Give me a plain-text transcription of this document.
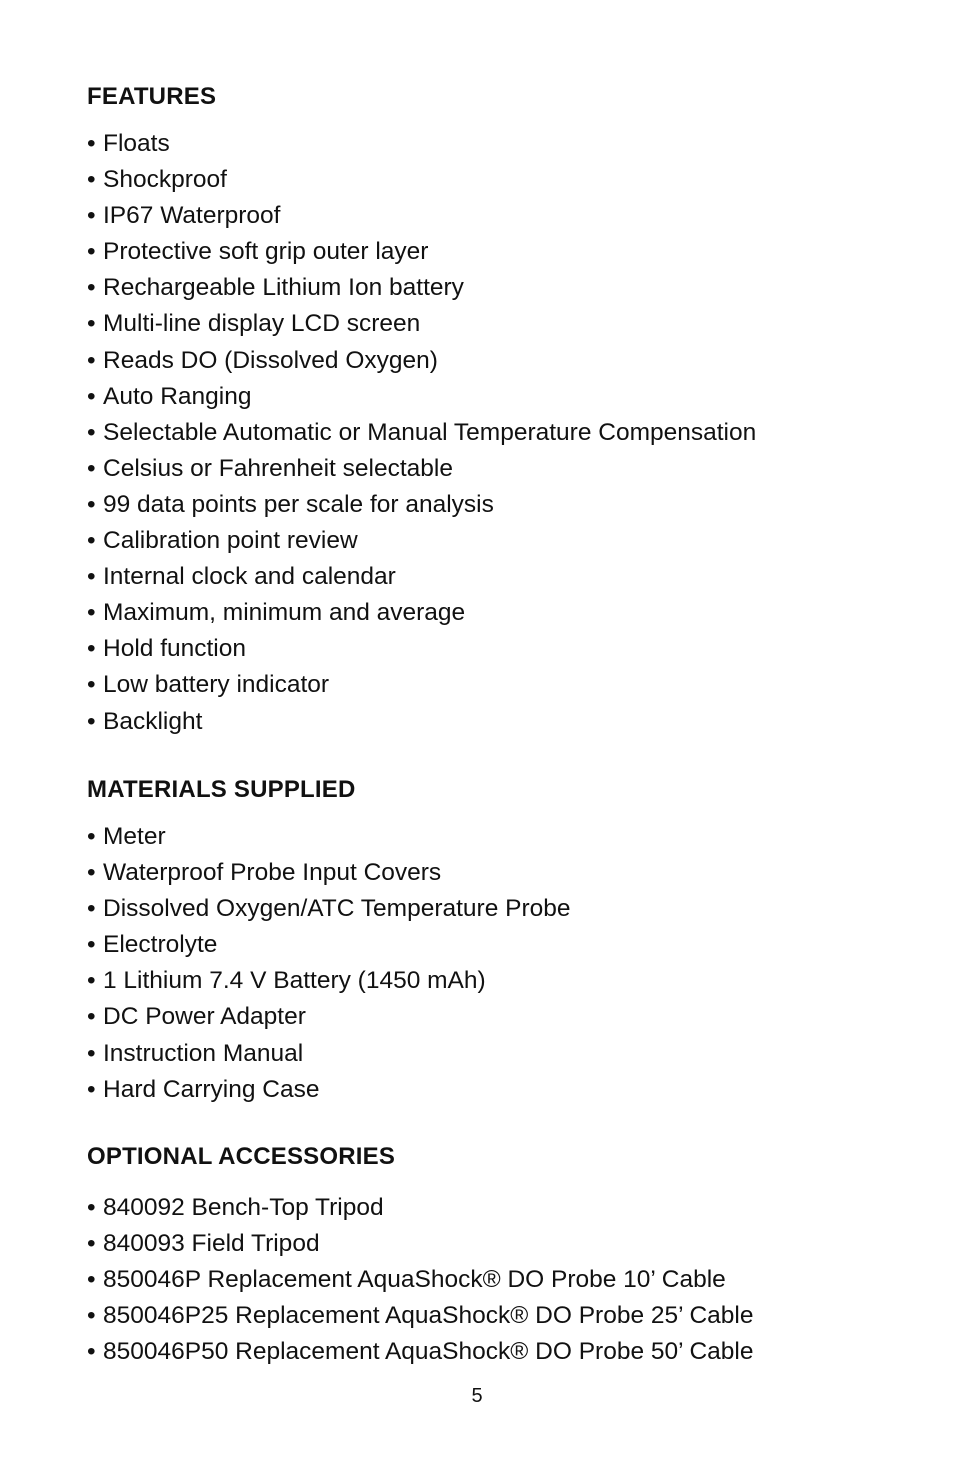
FEATURES
• Floats
• Shockproof
• IP67 Waterproof
• Protective soft grip outer layer
• Rechargeable Lithium Ion battery
• Multi-line display LCD screen
• Reads DO (Dissolved Oxygen)
• Auto Ranging
• Selectable Automatic or Manual Temperature Compensation
• Celsius or Fahrenheit selectable
• 99 data points per scale for analysis
• Calibration point review
• Internal clock and calendar
• Maximum, minimum and average
• Hold function
• Low battery indicator
• Backlight
MATERIALS SUPPLIED
• Meter
• Waterproof Probe Input Covers
• Dissolved Oxygen/ATC Temperature Probe
• Electrolyte
• 1 Lithium 7.4 V Battery (1450 mAh)
• DC Power Adapter
• Instruction Manual
• Hard Carrying Case
OPTIONAL ACCESSORIES
• 840092 Bench-Top Tripod
• 840093 Field Tripod
• 850046P Replacement AquaShock® DO Probe 10’ Cable
• 850046P25 Replacement AquaShock® DO Probe 25’ Cable
• 850046P50 Replacement AquaShock® DO Probe 50’ Cable
5
